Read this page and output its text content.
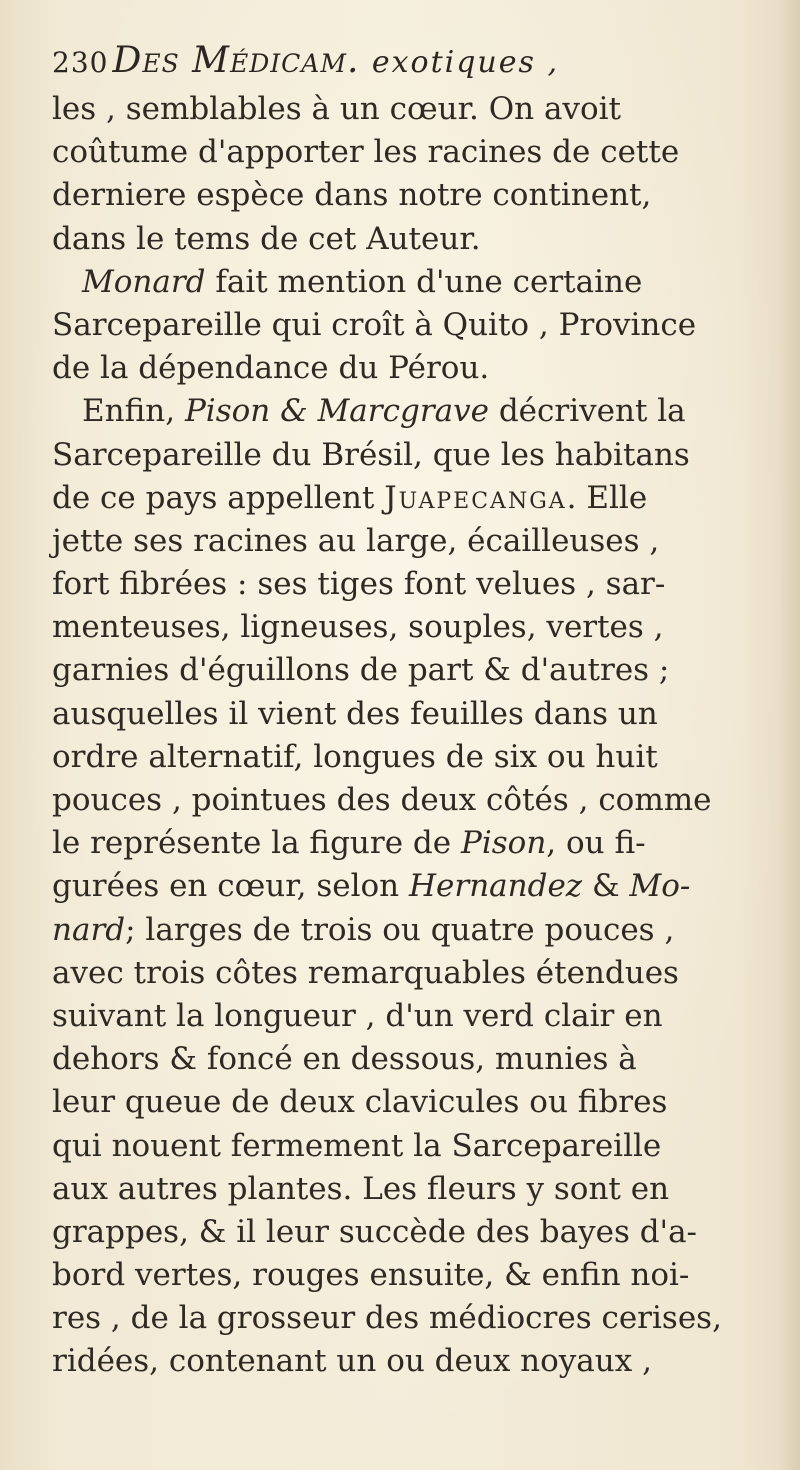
230 Des Médicam. exotiques ,
les , semblables à un cœur. On avoit
coûtume d'apporter les racines de cette
derniere espèce dans notre continent,
dans le tems de cet Auteur.
Monard fait mention d'une certaine
Sarcepareille qui croît à Quito , Province
de la dépendance du Pérou.
Enfin, Pison & Marcgrave décrivent la
Sarcepareille du Brésil, que les habitans
de ce pays appellent Juapecanga. Elle
jette ses racines au large, écailleuses ,
fort fibrées : ses tiges font velues , sar-
menteuses, ligneuses, souples, vertes ,
garnies d'éguillons de part & d'autres ;
ausquelles il vient des feuilles dans un
ordre alternatif, longues de six ou huit
pouces , pointues des deux côtés , comme
le représente la figure de Pison, ou fi-
gurées en cœur, selon Hernandez & Mo-
nard; larges de trois ou quatre pouces ,
avec trois côtes remarquables étendues
suivant la longueur , d'un verd clair en
dehors & foncé en dessous, munies à
leur queue de deux clavicules ou fibres
qui nouent fermement la Sarcepareille
aux autres plantes. Les fleurs y sont en
grappes, & il leur succède des bayes d'a-
bord vertes, rouges ensuite, & enfin noi-
res , de la grosseur des médiocres cerises,
ridées, contenant un ou deux noyaux ,
